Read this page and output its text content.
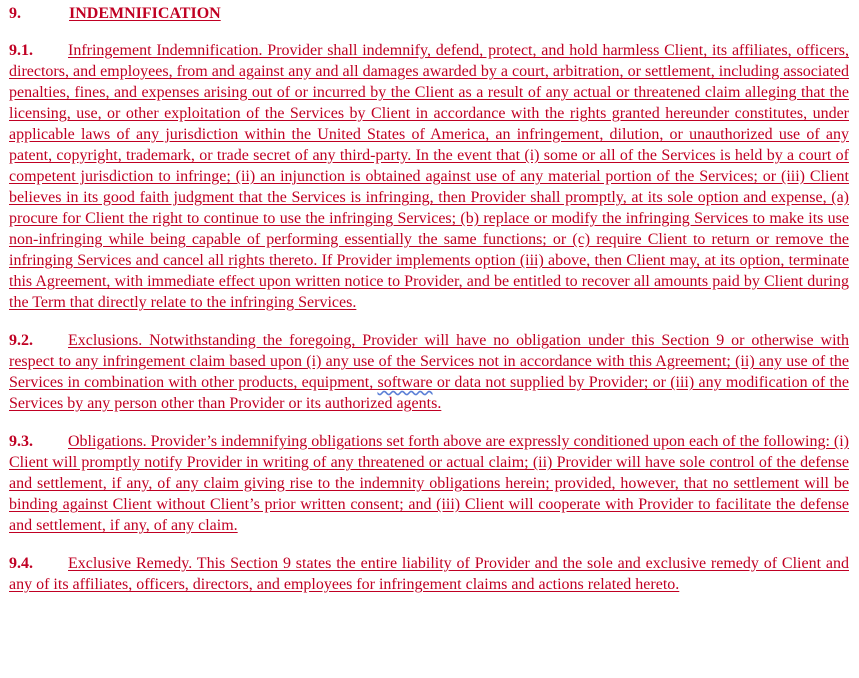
9.	INDEMNIFICATION

9.1. Infringement Indemnification. Provider shall indemnify, defend, protect, and hold harmless Client, its affiliates, officers, directors, and employees, from and against any and all damages awarded by a court, arbitration, or settlement, including associated penalties, fines, and expenses arising out of or incurred by the Client as a result of any actual or threatened claim alleging that the licensing, use, or other exploitation of the Services by Client in accordance with the rights granted hereunder constitutes, under applicable laws of any jurisdiction within the United States of America, an infringement, dilution, or unauthorized use of any patent, copyright, trademark, or trade secret of any third-party. In the event that (i) some or all of the Services is held by a court of competent jurisdiction to infringe; (ii) an injunction is obtained against use of any material portion of the Services; or (iii) Client believes in its good faith judgment that the Services is infringing, then Provider shall promptly, at its sole option and expense, (a) procure for Client the right to continue to use the infringing Services; (b) replace or modify the infringing Services to make its use non-infringing while being capable of performing essentially the same functions; or (c) require Client to return or remove the infringing Services and cancel all rights thereto. If Provider implements option (iii) above, then Client may, at its option, terminate this Agreement, with immediate effect upon written notice to Provider, and be entitled to recover all amounts paid by Client during the Term that directly relate to the infringing Services.

9.2. Exclusions. Notwithstanding the foregoing, Provider will have no obligation under this Section 9 or otherwise with respect to any infringement claim based upon (i) any use of the Services not in accordance with this Agreement; (ii) any use of the Services in combination with other products, equipment, software or data not supplied by Provider; or (iii) any modification of the Services by any person other than Provider or its authorized agents.

9.3. Obligations. Provider’s indemnifying obligations set forth above are expressly conditioned upon each of the following: (i) Client will promptly notify Provider in writing of any threatened or actual claim; (ii) Provider will have sole control of the defense and settlement, if any, of any claim giving rise to the indemnity obligations herein; provided, however, that no settlement will be binding against Client without Client’s prior written consent; and (iii) Client will cooperate with Provider to facilitate the defense and settlement, if any, of any claim.

9.4. Exclusive Remedy. This Section 9 states the entire liability of Provider and the sole and exclusive remedy of Client and any of its affiliates, officers, directors, and employees for infringement claims and actions related hereto.
